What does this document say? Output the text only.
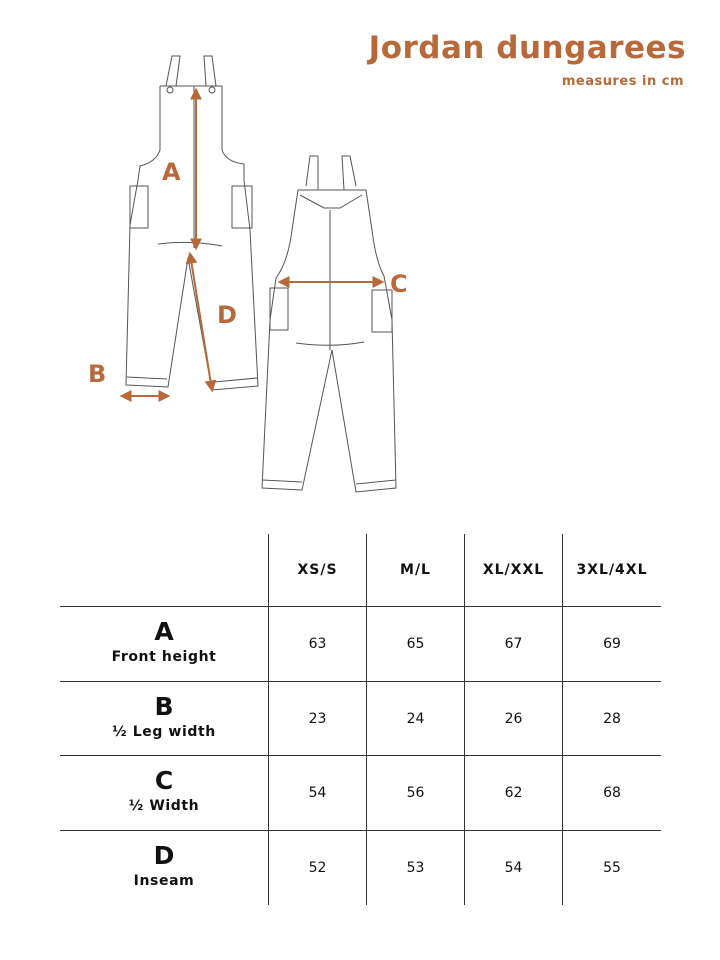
Jordan dungarees
measures in cm
A
D
B
C
XS/S	M/L	XL/XXL	3XL/4XL
A
Front height
63	65	67	69
B
½ Leg width
23	24	26	28
C
½ Width
54	56	62	68
D
Inseam
52	53	54	55
